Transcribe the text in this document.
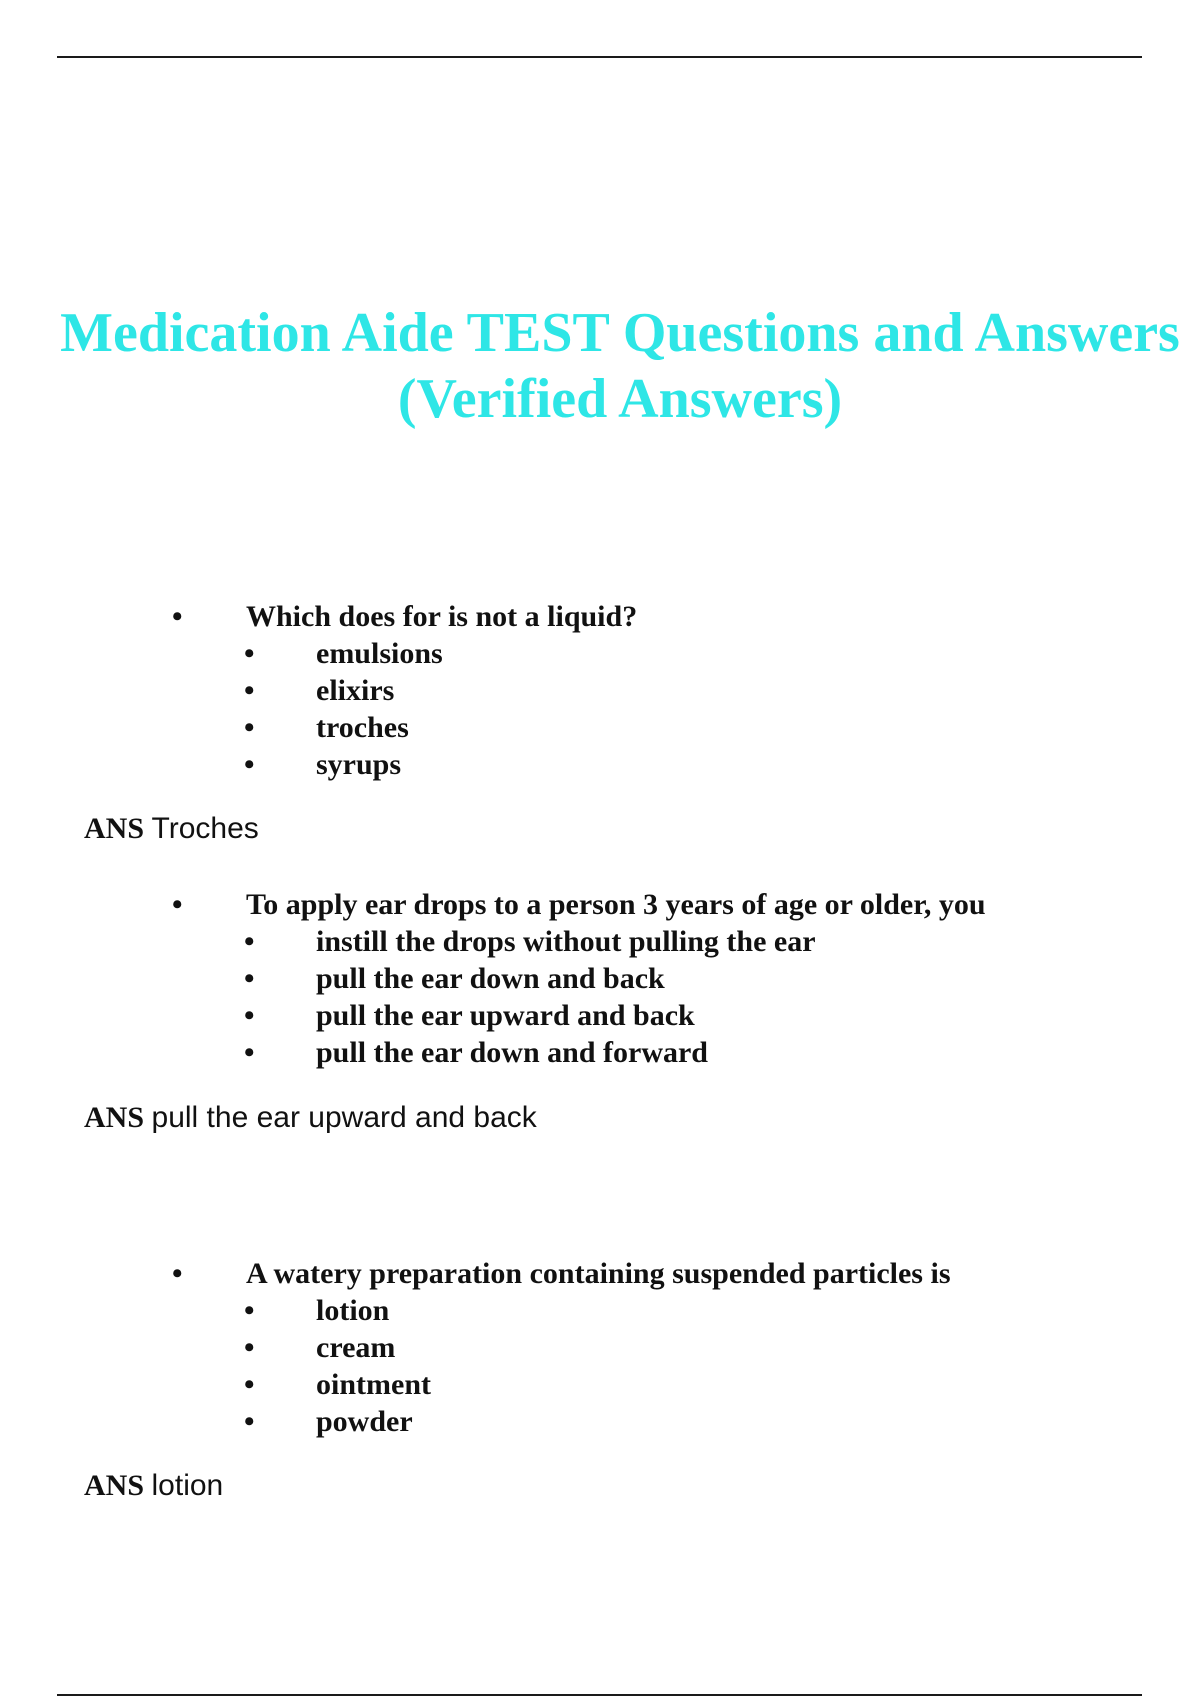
Medication Aide TEST Questions and Answers
(Verified Answers)
• Which does for is not a liquid?
• emulsions
• elixirs
• troches
• syrups
ANS Troches
• To apply ear drops to a person 3 years of age or older, you
• instill the drops without pulling the ear
• pull the ear down and back
• pull the ear upward and back
• pull the ear down and forward
ANS pull the ear upward and back
• A watery preparation containing suspended particles is
• lotion
• cream
• ointment
• powder
ANS lotion
